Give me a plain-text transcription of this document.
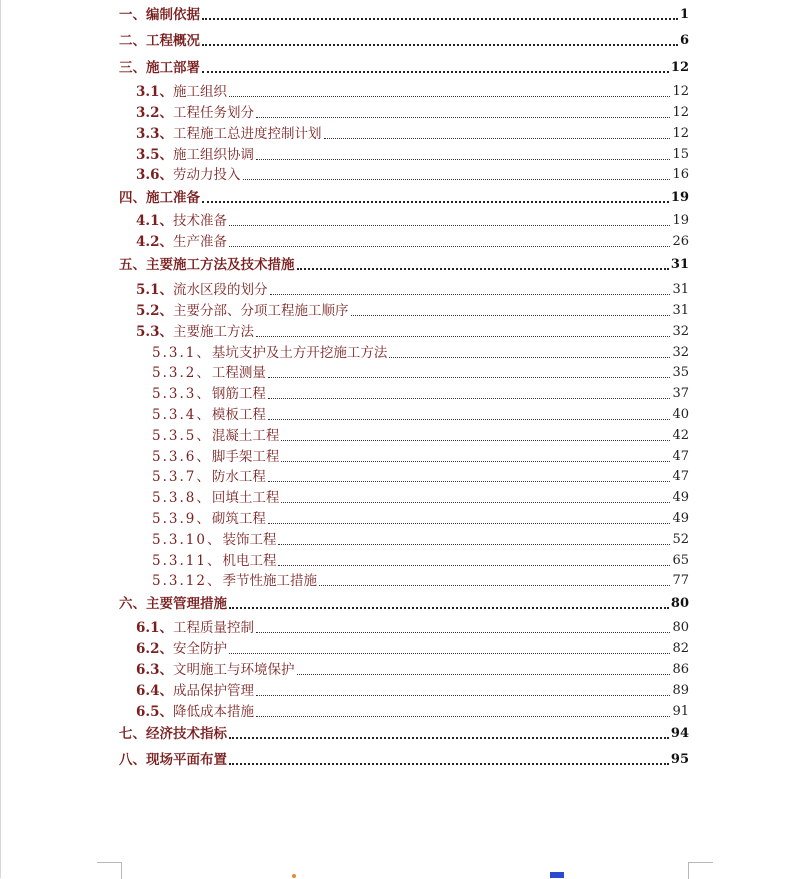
一、编制依据	1
二、工程概况	6
三、施工部署	12
3.1、施工组织	12
3.2、工程任务划分	12
3.3、工程施工总进度控制计划	12
3.5、施工组织协调	15
3.6、劳动力投入	16
四、施工准备	19
4.1、技术准备	19
4.2、生产准备	26
五、主要施工方法及技术措施	31
5.1、流水区段的划分	31
5.2、主要分部、分项工程施工顺序	31
5.3、主要施工方法	32
5.3.1、基坑支护及土方开挖施工方法	32
5.3.2、工程测量	35
5.3.3、钢筋工程	37
5.3.4、模板工程	40
5.3.5、混凝土工程	42
5.3.6、脚手架工程	47
5.3.7、防水工程	47
5.3.8、回填土工程	49
5.3.9、砌筑工程	49
5.3.10、装饰工程	52
5.3.11、机电工程	65
5.3.12、季节性施工措施	77
六、主要管理措施	80
6.1、工程质量控制	80
6.2、安全防护	82
6.3、文明施工与环境保护	86
6.4、成品保护管理	89
6.5、降低成本措施	91
七、经济技术指标	94
八、现场平面布置	95
